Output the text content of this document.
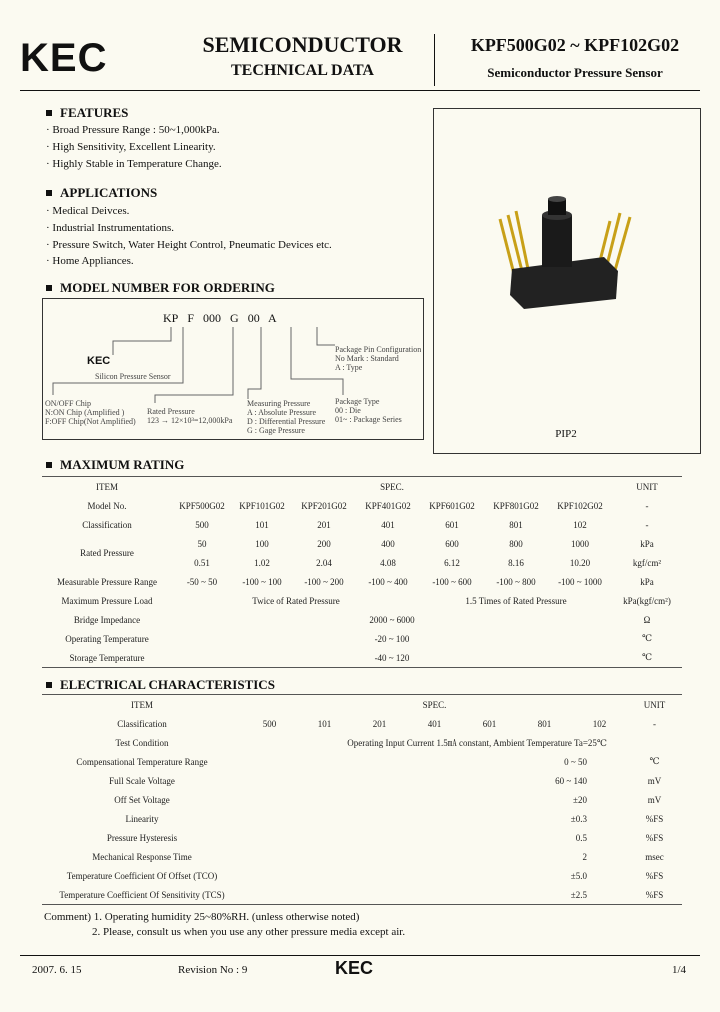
KEC	SEMICONDUCTOR
TECHNICAL DATA
KPF500G02 ~ KPF102G02
Semiconductor Pressure Sensor
FEATURES
· Broad Pressure Range : 50~1,000kPa.
· High Sensitivity, Excellent Linearity.
· Highly Stable in Temperature Change.
APPLICATIONS
· Medical Deivces.
· Industrial Instrumentations.
· Pressure Switch, Water Height Control, Pneumatic Devices etc.
· Home Appliances.
PIP2
MODEL NUMBER FOR ORDERING
KP F 000 G 00 A
KEC
Silicon Pressure Sensor
ON/OFF Chip
N:ON Chip (Amplified )
F:OFF Chip(Not Amplified)
Rated Pressure
123 → 12×10³=12,000kPa
Measuring Pressure
A : Absolute Pressure
D : Differential Pressure
G : Gage Pressure
Package Type
00 : Die
01~ : Package Series
Package Pin Configuration
No Mark : Standard
A : Type
MAXIMUM RATING
ITEM	SPEC.							UNIT
Model No.	KPF500G02	KPF101G02	KPF201G02	KPF401G02	KPF601G02	KPF801G02	KPF102G02	-
Classification	500	101	201	401	601	801	102	-
Rated Pressure	50	100	200	400	600	800	1000	kPa
	0.51	1.02	2.04	4.08	6.12	8.16	10.20	kgf/cm²
Measurable Pressure Range	-50 ~ 50	-100 ~ 100	-100 ~ 200	-100 ~ 400	-100 ~ 600	-100 ~ 800	-100 ~ 1000	kPa
Maximum Pressure Load	Twice of Rated Pressure				1.5 Times of Rated Pressure			kPa(kgf/cm²)
Bridge Impedance	2000 ~ 6000							Ω
Operating Temperature	-20 ~ 100							℃
Storage Temperature	-40 ~ 120							℃
ELECTRICAL CHARACTERISTICS
ITEM	SPEC.							UNIT
Classification	500	101	201	401	601	801	102	-
Test Condition	Operating Input Current 1.5㎃ constant, Ambient Temperature Ta=25℃							
Compensational Temperature Range	0 ~ 50							℃
Full Scale Voltage	60 ~ 140							mV
Off Set Voltage	±20							mV
Linearity	±0.3							%FS
Pressure Hysteresis	0.5							%FS
Mechanical Response Time	2							msec
Temperature Coefficient Of Offset (TCO)	±5.0							%FS
Temperature Coefficient Of Sensitivity (TCS)	±2.5							%FS
Comment) 1. Operating humidity 25~80%RH. (unless otherwise noted)
2. Please, consult us when you use any other pressure media except air.
2007. 6. 15	Revision No : 9	KEC	1/4
